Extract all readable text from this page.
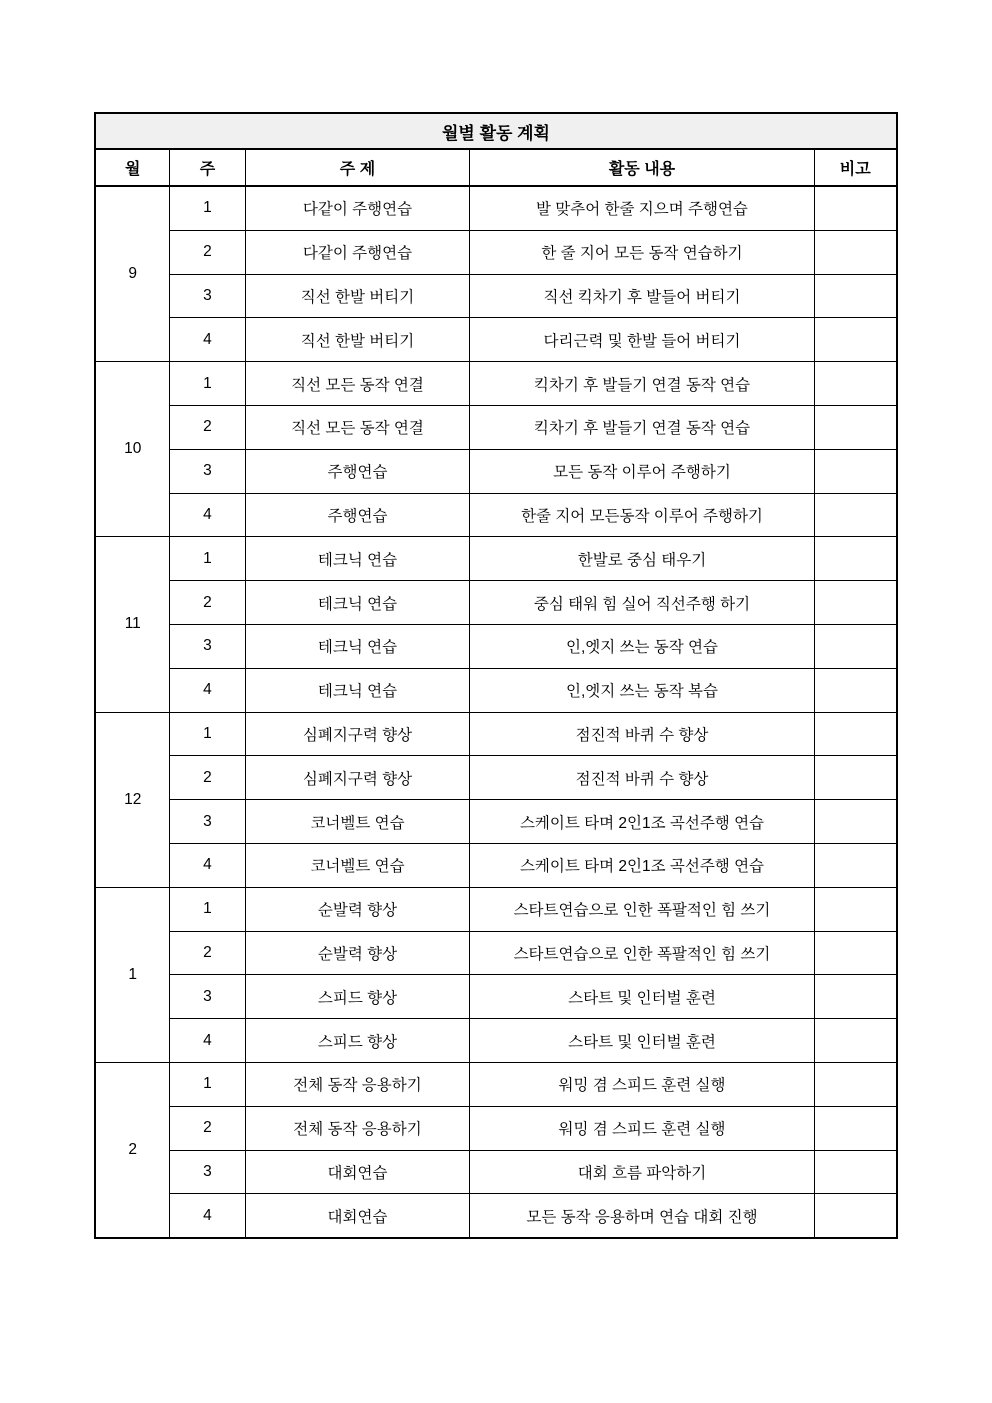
월별 활동 계획				
월	주	주 제	활동 내용	비고
9	1	다같이 주행연습	발 맞추어 한줄 지으며 주행연습	
	2	다같이 주행연습	한 줄 지어 모든 동작 연습하기	
	3	직선 한발 버티기	직선 킥차기 후 발들어 버티기	
	4	직선 한발 버티기	다리근력 및 한발 들어 버티기	
10	1	직선 모든 동작 연결	킥차기 후 발들기 연결 동작 연습	
	2	직선 모든 동작 연결	킥차기 후 발들기 연결 동작 연습	
	3	주행연습	모든 동작 이루어 주행하기	
	4	주행연습	한줄 지어 모든동작 이루어 주행하기	
11	1	테크닉 연습	한발로 중심 태우기	
	2	테크닉 연습	중심 태워 힘 실어 직선주행 하기	
	3	테크닉 연습	인,엣지 쓰는 동작 연습	
	4	테크닉 연습	인,엣지 쓰는 동작 복습	
12	1	심폐지구력 향상	점진적 바퀴 수 향상	
	2	심폐지구력 향상	점진적 바퀴 수 향상	
	3	코너벨트 연습	스케이트 타며 2인1조 곡선주행 연습	
	4	코너벨트 연습	스케이트 타며 2인1조 곡선주행 연습	
1	1	순발력 향상	스타트연습으로 인한 폭팔적인 힘 쓰기	
	2	순발력 향상	스타트연습으로 인한 폭팔적인 힘 쓰기	
	3	스피드 향상	스타트 및 인터벌 훈련	
	4	스피드 향상	스타트 및 인터벌 훈련	
2	1	전체 동작 응용하기	워밍 겸 스피드 훈련 실행	
	2	전체 동작 응용하기	워밍 겸 스피드 훈련 실행	
	3	대회연습	대회 흐름 파악하기	
	4	대회연습	모든 동작 응용하며 연습 대회 진행	
